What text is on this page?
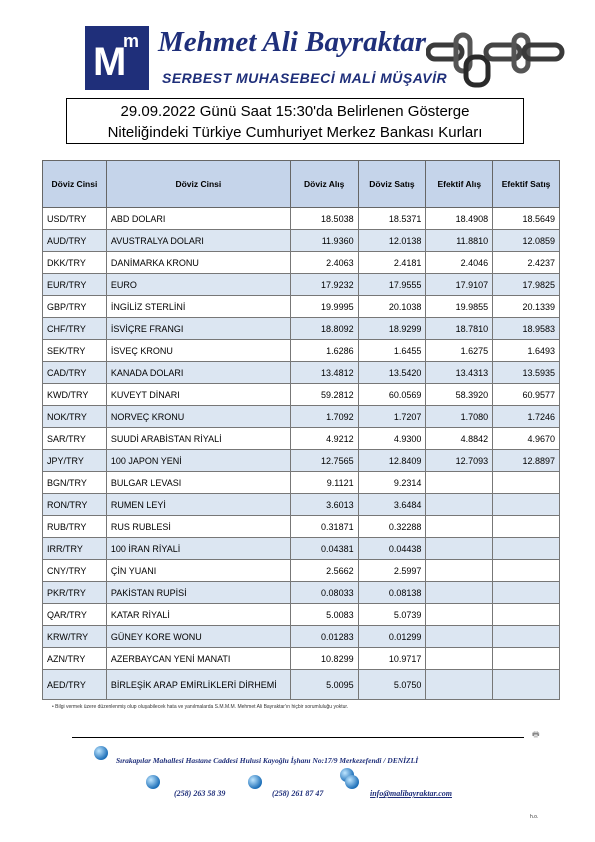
M
m Mehmet Ali Bayraktar
SERBEST MUHASEBECİ MALİ MÜŞAVİR
29.09.2022 Günü Saat 15:30'da Belirlenen Gösterge
Niteliğindeki Türkiye Cumhuriyet Merkez Bankası Kurları
Döviz Cinsi	Döviz Cinsi	Döviz Alış	Döviz Satış	Efektif Alış	Efektif Satış
USD/TRY	ABD DOLARI	18.5038	18.5371	18.4908	18.5649
AUD/TRY	AVUSTRALYA DOLARI	11.9360	12.0138	11.8810	12.0859
DKK/TRY	DANİMARKA KRONU	2.4063	2.4181	2.4046	2.4237
EUR/TRY	EURO	17.9232	17.9555	17.9107	17.9825
GBP/TRY	İNGİLİZ STERLİNİ	19.9995	20.1038	19.9855	20.1339
CHF/TRY	İSVİÇRE FRANGI	18.8092	18.9299	18.7810	18.9583
SEK/TRY	İSVEÇ KRONU	1.6286	1.6455	1.6275	1.6493
CAD/TRY	KANADA DOLARI	13.4812	13.5420	13.4313	13.5935
KWD/TRY	KUVEYT DİNARI	59.2812	60.0569	58.3920	60.9577
NOK/TRY	NORVEÇ KRONU	1.7092	1.7207	1.7080	1.7246
SAR/TRY	SUUDİ ARABİSTAN RİYALİ	4.9212	4.9300	4.8842	4.9670
JPY/TRY	100 JAPON YENİ	12.7565	12.8409	12.7093	12.8897
BGN/TRY	BULGAR LEVASI	9.1121	9.2314		
RON/TRY	RUMEN LEYİ	3.6013	3.6484		
RUB/TRY	RUS RUBLESİ	0.31871	0.32288		
IRR/TRY	100 İRAN RİYALİ	0.04381	0.04438		
CNY/TRY	ÇİN YUANI	2.5662	2.5997		
PKR/TRY	PAKİSTAN RUPİSİ	0.08033	0.08138		
QAR/TRY	KATAR RİYALİ	5.0083	5.0739		
KRW/TRY	GÜNEY KORE WONU	0.01283	0.01299		
AZN/TRY	AZERBAYCAN YENİ MANATI	10.8299	10.9717		
AED/TRY	BİRLEŞİK ARAP EMİRLİKLERİ DİRHEMİ	5.0095	5.0750		
• Bilgi vermek üzere düzenlenmiş olup oluşabilecek hata ve yanılmalarda S.M.M.M. Mehmet Ali Bayraktar'ın hiçbir sorumluluğu yoktur.
🖶
Sırakapılar Mahallesi Hastane Caddesi Hulusi Kayoğlu İşhanı No:17/9 Merkezefendi / DENİZLİ
(258) 263 58 39	(258) 261 87 47	info@malibayraktar.com
h.o.
